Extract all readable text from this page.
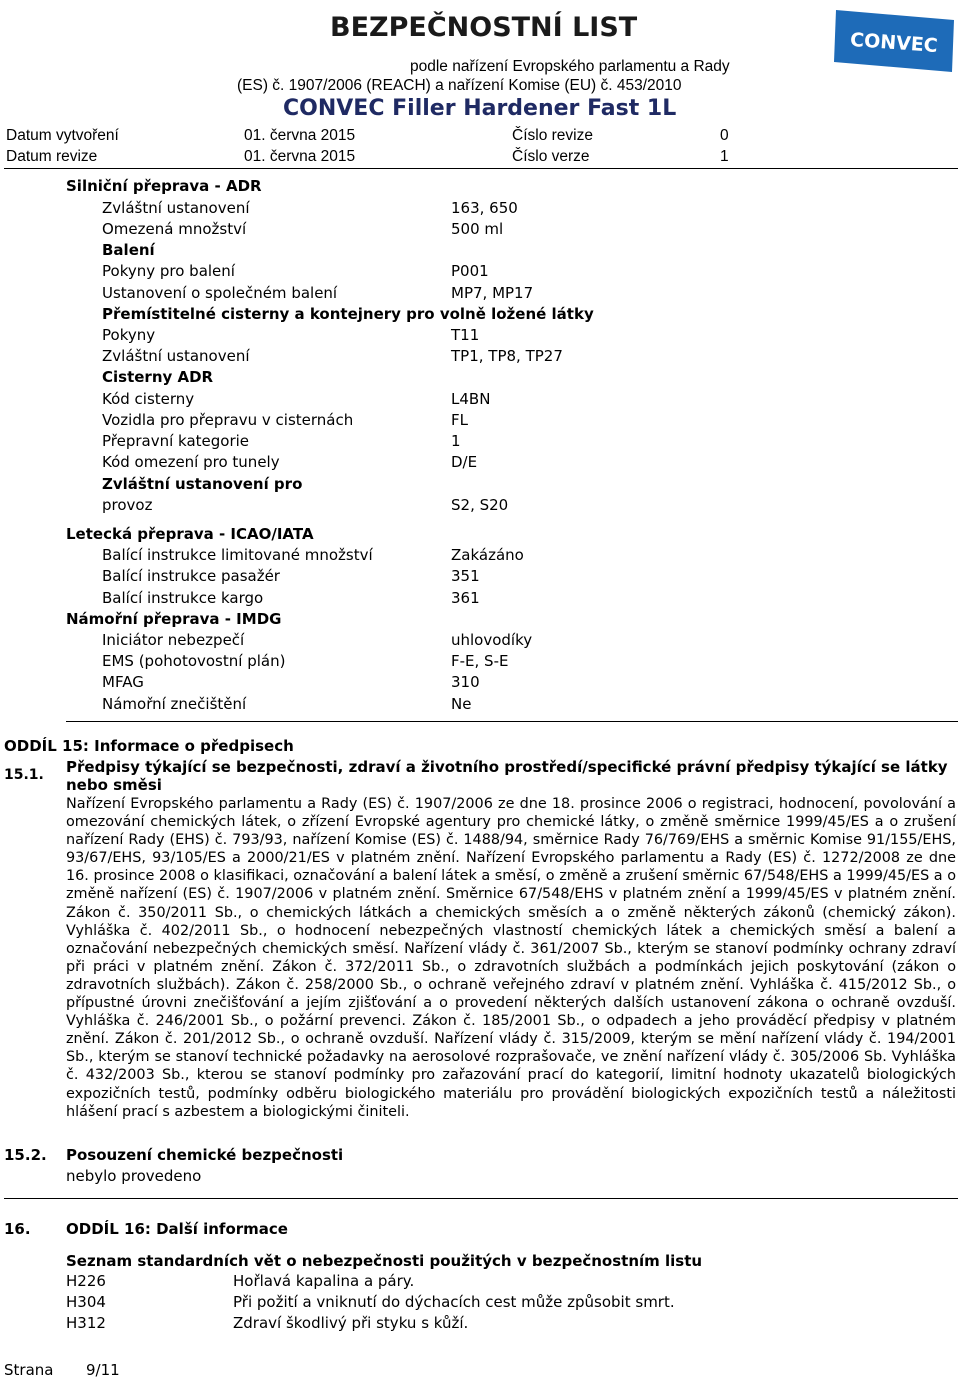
BEZPEČNOSTNÍ LIST
podle nařízení Evropského parlamentu a Rady
(ES) č. 1907/2006 (REACH) a nařízení Komise (EU) č. 453/2010
CONVEC Filler Hardener Fast 1L
CONVEC
Datum vytvoření	01. června 2015	Číslo revize	0
Datum revize	01. června 2015	Číslo verze	1
Silniční přeprava - ADR
Zvláštní ustanovení	163, 650
Omezená množství	500 ml
Balení
Pokyny pro balení	P001
Ustanovení o společném balení	MP7, MP17
Přemístitelné cisterny a kontejnery pro volně ložené látky
Pokyny	T11
Zvláštní ustanovení	TP1, TP8, TP27
Cisterny ADR
Kód cisterny	L4BN
Vozidla pro přepravu v cisternách	FL
Přepravní kategorie	1
Kód omezení pro tunely	D/E
Zvláštní ustanovení pro
provoz	S2, S20
Letecká přeprava - ICAO/IATA
Balící instrukce limitované množství	Zakázáno
Balící instrukce pasažér	351
Balící instrukce kargo	361
Námořní přeprava - IMDG
Iniciátor nebezpečí	uhlovodíky
EMS (pohotovostní plán)	F-E, S-E
MFAG	310
Námořní znečištění	Ne
ODDÍL 15: Informace o předpisech
15.1. Předpisy týkající se bezpečnosti, zdraví a životního prostředí/specifické právní předpisy týkající se látky
nebo směsi
Nařízení Evropského parlamentu a Rady (ES) č. 1907/2006 ze dne 18. prosince 2006 o registraci, hodnocení, povolování a omezování chemických látek, o zřízení Evropské agentury pro chemické látky, o změně směrnice 1999/45/ES a o zrušení nařízení Rady (EHS) č. 793/93, nařízení Komise (ES) č. 1488/94, směrnice Rady 76/769/EHS a směrnic Komise 91/155/EHS, 93/67/EHS, 93/105/ES a 2000/21/ES v platném znění. Nařízení Evropského parlamentu a Rady (ES) č. 1272/2008 ze dne 16. prosince 2008 o klasifikaci, označování a balení látek a směsí, o změně a zrušení směrnic 67/548/EHS a 1999/45/ES a o změně nařízení (ES) č. 1907/2006 v platném znění. Směrnice 67/548/EHS v platném znění a 1999/45/ES v platném znění. Zákon č. 350/2011 Sb., o chemických látkách a chemických směsích a o změně některých zákonů (chemický zákon). Vyhláška č. 402/2011 Sb., o hodnocení nebezpečných vlastností chemických látek a chemických směsí a balení a označování nebezpečných chemických směsí. Nařízení vlády č. 361/2007 Sb., kterým se stanoví podmínky ochrany zdraví při práci v platném znění. Zákon č. 372/2011 Sb., o zdravotních službách a podmínkách jejich poskytování (zákon o zdravotních službách). Zákon č. 258/2000 Sb., o ochraně veřejného zdraví v platném znění. Vyhláška č. 415/2012 Sb., o přípustné úrovni znečišťování a jejím zjišťování a o provedení některých dalších ustanovení zákona o ochraně ovzduší. Vyhláška č. 246/2001 Sb., o požární prevenci. Zákon č. 185/2001 Sb., o odpadech a jeho prováděcí předpisy v platném znění. Zákon č. 201/2012 Sb., o ochraně ovzduší. Nařízení vlády č. 315/2009, kterým se mění nařízení vlády č. 194/2001 Sb., kterým se stanoví technické požadavky na aerosolové rozprašovače, ve znění nařízení vlády č. 305/2006 Sb. Vyhláška č. 432/2003 Sb., kterou se stanoví podmínky pro zařazování prací do kategorií, limitní hodnoty ukazatelů biologických expozičních testů, podmínky odběru biologického materiálu pro provádění biologických expozičních testů a náležitosti hlášení prací s azbestem a biologickými činiteli.
15.2. Posouzení chemické bezpečnosti
nebylo provedeno
16. ODDÍL 16: Další informace
Seznam standardních vět o nebezpečnosti použitých v bezpečnostním listu
H226	Hořlavá kapalina a páry.
H304	Při požití a vniknutí do dýchacích cest může způsobit smrt.
H312	Zdraví škodlivý při styku s kůží.
Strana 9/11
